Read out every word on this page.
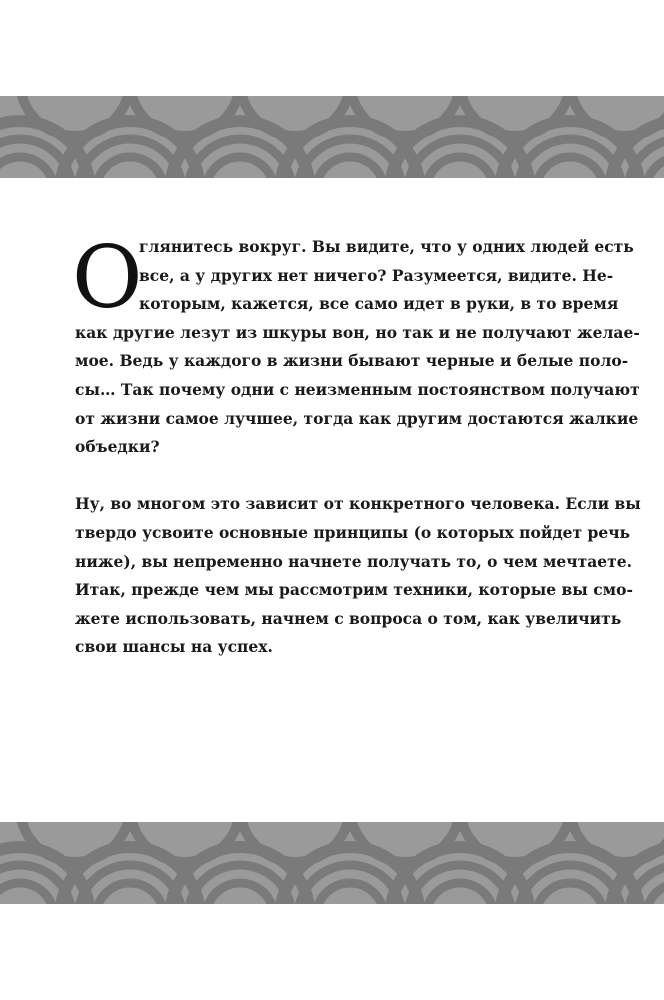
О
глянитесь вокруг. Вы видите, что у одних людей есть
все, а у других нет ничего? Разумеется, видите. Не-
которым, кажется, все само идет в руки, в то время
как другие лезут из шкуры вон, но так и не получают желае-
мое. Ведь у каждого в жизни бывают черные и белые поло-
сы… Так почему одни с неизменным постоянством получают
от жизни самое лучшее, тогда как другим достаются жалкие
объедки?
Ну, во многом это зависит от конкретного человека. Если вы
твердо усвоите основные принципы (о которых пойдет речь
ниже), вы непременно начнете получать то, о чем мечтаете.
Итак, прежде чем мы рассмотрим техники, которые вы смо-
жете использовать, начнем с вопроса о том, как увеличить
свои шансы на успех.
